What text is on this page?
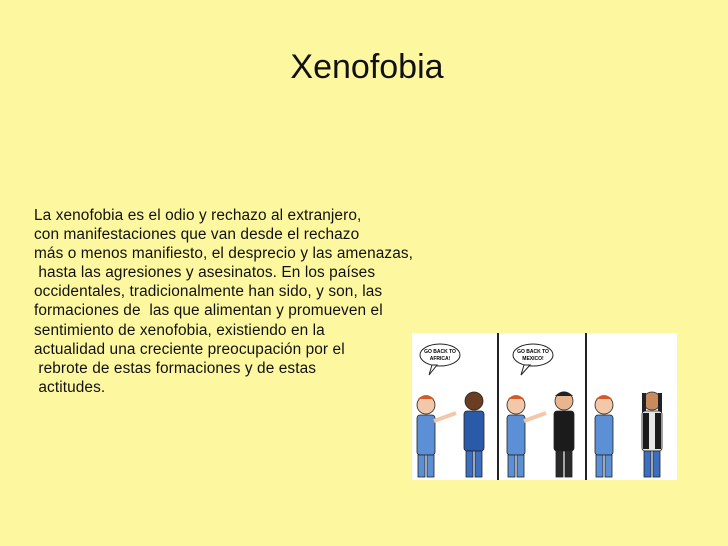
Xenofobia
La xenofobia es el odio y rechazo al extranjero,
con manifestaciones que van desde el rechazo
más o menos manifiesto, el desprecio y las amenazas,
hasta las agresiones y asesinatos. En los países
occidentales, tradicionalmente han sido, y son, las
formaciones de  las que alimentan y promueven el
sentimiento de xenofobia, existiendo en la
actualidad una creciente preocupación por el
rebrote de estas formaciones y de estas
actitudes.
GO BACK TO
AFRICA!
GO BACK TO
MEXICO!
